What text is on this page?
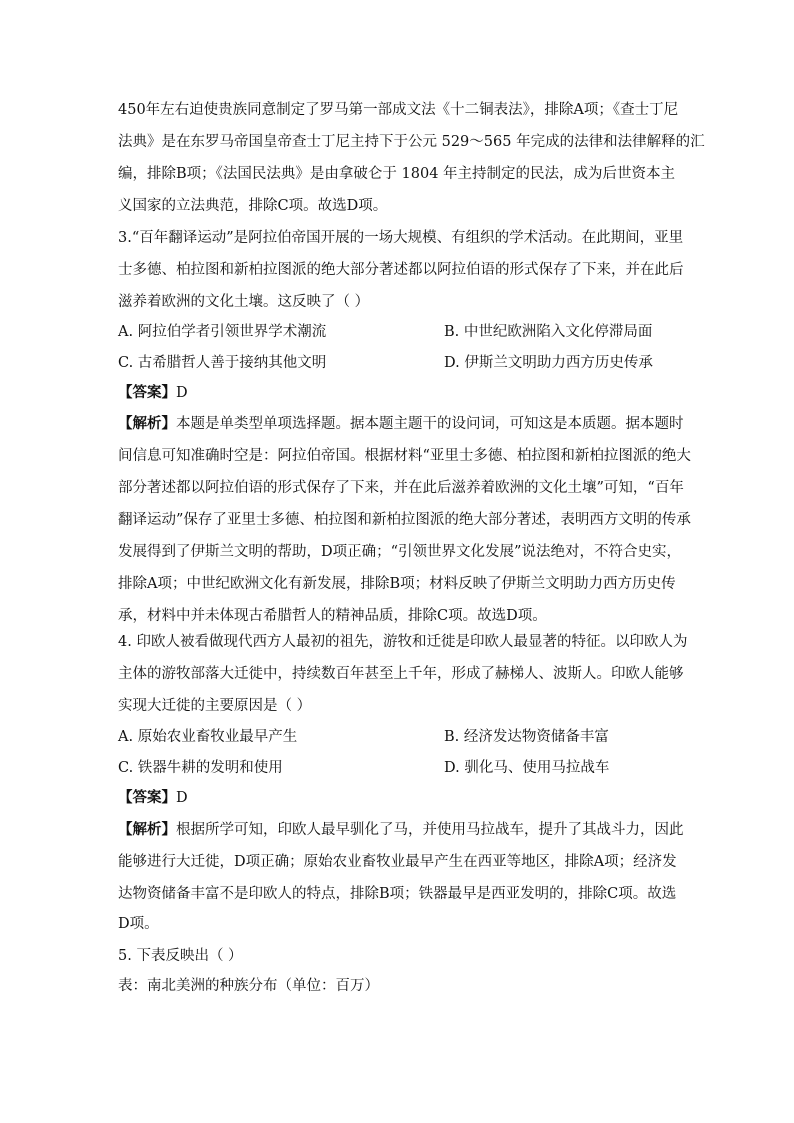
450年左右迫使贵族同意制定了罗马第一部成文法《十二铜表法》，排除A项；《查士丁尼
法典》是在东罗马帝国皇帝查士丁尼主持下于公元 529～565 年完成的法律和法律解释的汇
编，排除B项；《法国民法典》是由拿破仑于 1804 年主持制定的民法，成为后世资本主
义国家的立法典范，排除C项。故选D项。
3.“百年翻译运动”是阿拉伯帝国开展的一场大规模、有组织的学术活动。在此期间，亚里
士多德、柏拉图和新柏拉图派的绝大部分著述都以阿拉伯语的形式保存了下来，并在此后
滋养着欧洲的文化土壤。这反映了（ ）
A. 阿拉伯学者引领世界学术潮流	B. 中世纪欧洲陷入文化停滞局面
C. 古希腊哲人善于接纳其他文明	D. 伊斯兰文明助力西方历史传承
【答案】D
【解析】本题是单类型单项选择题。据本题主题干的设问词，可知这是本质题。据本题时
间信息可知准确时空是：阿拉伯帝国。根据材料“亚里士多德、柏拉图和新柏拉图派的绝大
部分著述都以阿拉伯语的形式保存了下来，并在此后滋养着欧洲的文化土壤”可知，“百年
翻译运动”保存了亚里士多德、柏拉图和新柏拉图派的绝大部分著述，表明西方文明的传承
发展得到了伊斯兰文明的帮助，D项正确；“引领世界文化发展”说法绝对，不符合史实，
排除A项；中世纪欧洲文化有新发展，排除B项；材料反映了伊斯兰文明助力西方历史传
承，材料中并未体现古希腊哲人的精神品质，排除C项。故选D项。
4. 印欧人被看做现代西方人最初的祖先，游牧和迁徙是印欧人最显著的特征。以印欧人为
主体的游牧部落大迁徙中，持续数百年甚至上千年，形成了赫梯人、波斯人。印欧人能够
实现大迁徙的主要原因是（ ）
A. 原始农业畜牧业最早产生	B. 经济发达物资储备丰富
C. 铁器牛耕的发明和使用	D. 驯化马、使用马拉战车
【答案】D
【解析】根据所学可知，印欧人最早驯化了马，并使用马拉战车，提升了其战斗力，因此
能够进行大迁徙，D项正确；原始农业畜牧业最早产生在西亚等地区，排除A项；经济发
达物资储备丰富不是印欧人的特点，排除B项；铁器最早是西亚发明的，排除C项。故选
D项。
5. 下表反映出（ ）
表：南北美洲的种族分布（单位：百万）
